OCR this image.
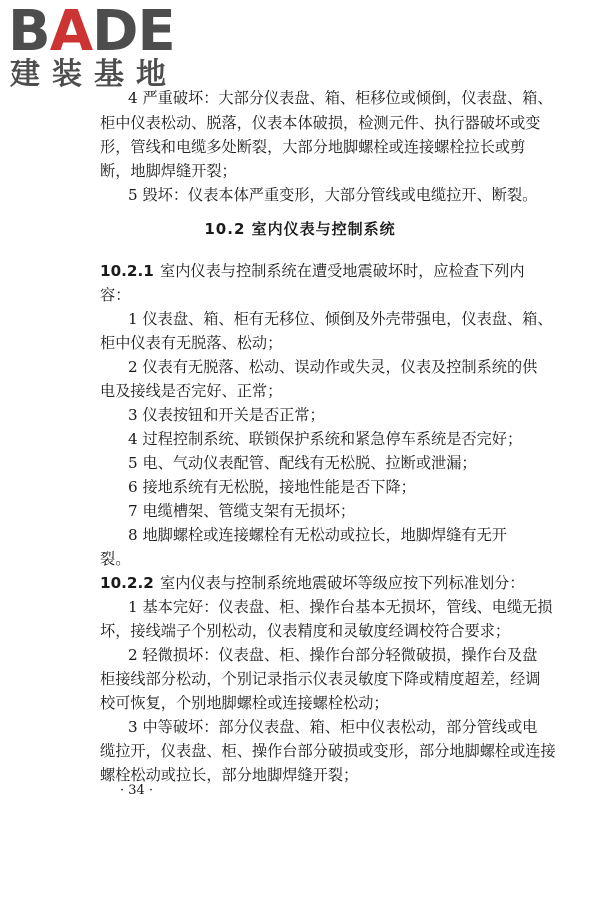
BADE
建装基地
4 严重破坏：大部分仪表盘、箱、柜移位或倾倒，仪表盘、箱、
柜中仪表松动、脱落，仪表本体破损，检测元件、执行器破坏或变
形，管线和电缆多处断裂，大部分地脚螺栓或连接螺栓拉长或剪
断，地脚焊缝开裂；
5 毁坏：仪表本体严重变形，大部分管线或电缆拉开、断裂。
10.2 室内仪表与控制系统
10.2.1 室内仪表与控制系统在遭受地震破坏时，应检查下列内
容：
1 仪表盘、箱、柜有无移位、倾倒及外壳带强电，仪表盘、箱、
柜中仪表有无脱落、松动；
2 仪表有无脱落、松动、误动作或失灵，仪表及控制系统的供
电及接线是否完好、正常；
3 仪表按钮和开关是否正常；
4 过程控制系统、联锁保护系统和紧急停车系统是否完好；
5 电、气动仪表配管、配线有无松脱、拉断或泄漏；
6 接地系统有无松脱，接地性能是否下降；
7 电缆槽架、管缆支架有无损坏；
8 地脚螺栓或连接螺栓有无松动或拉长，地脚焊缝有无开
裂。
10.2.2 室内仪表与控制系统地震破坏等级应按下列标准划分：
1 基本完好：仪表盘、柜、操作台基本无损坏，管线、电缆无损
坏，接线端子个别松动，仪表精度和灵敏度经调校符合要求；
2 轻微损坏：仪表盘、柜、操作台部分轻微破损，操作台及盘
柜接线部分松动，个别记录指示仪表灵敏度下降或精度超差，经调
校可恢复，个别地脚螺栓或连接螺栓松动；
3 中等破坏：部分仪表盘、箱、柜中仪表松动，部分管线或电
缆拉开，仪表盘、柜、操作台部分破损或变形，部分地脚螺栓或连接
螺栓松动或拉长，部分地脚焊缝开裂；
· 34 ·
